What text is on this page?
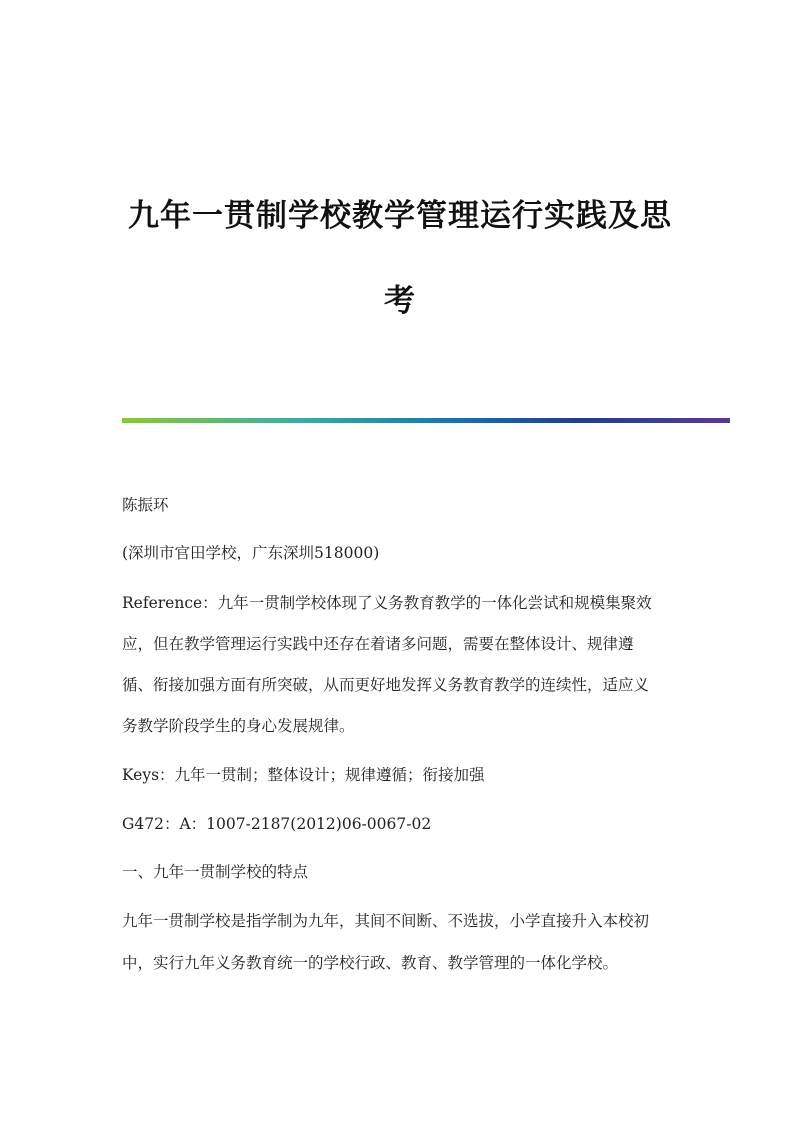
九年一贯制学校教学管理运行实践及思
考
陈振环
(深圳市官田学校，广东深圳518000)
Reference：九年一贯制学校体现了义务教育教学的一体化尝试和规模集聚效
应，但在教学管理运行实践中还存在着诸多问题，需要在整体设计、规律遵
循、衔接加强方面有所突破，从而更好地发挥义务教育教学的连续性，适应义
务教学阶段学生的身心发展规律。
Keys：九年一贯制；整体设计；规律遵循；衔接加强
G472：A：1007-2187(2012)06-0067-02
一、九年一贯制学校的特点
九年一贯制学校是指学制为九年，其间不间断、不选拔，小学直接升入本校初
中，实行九年义务教育统一的学校行政、教育、教学管理的一体化学校。
